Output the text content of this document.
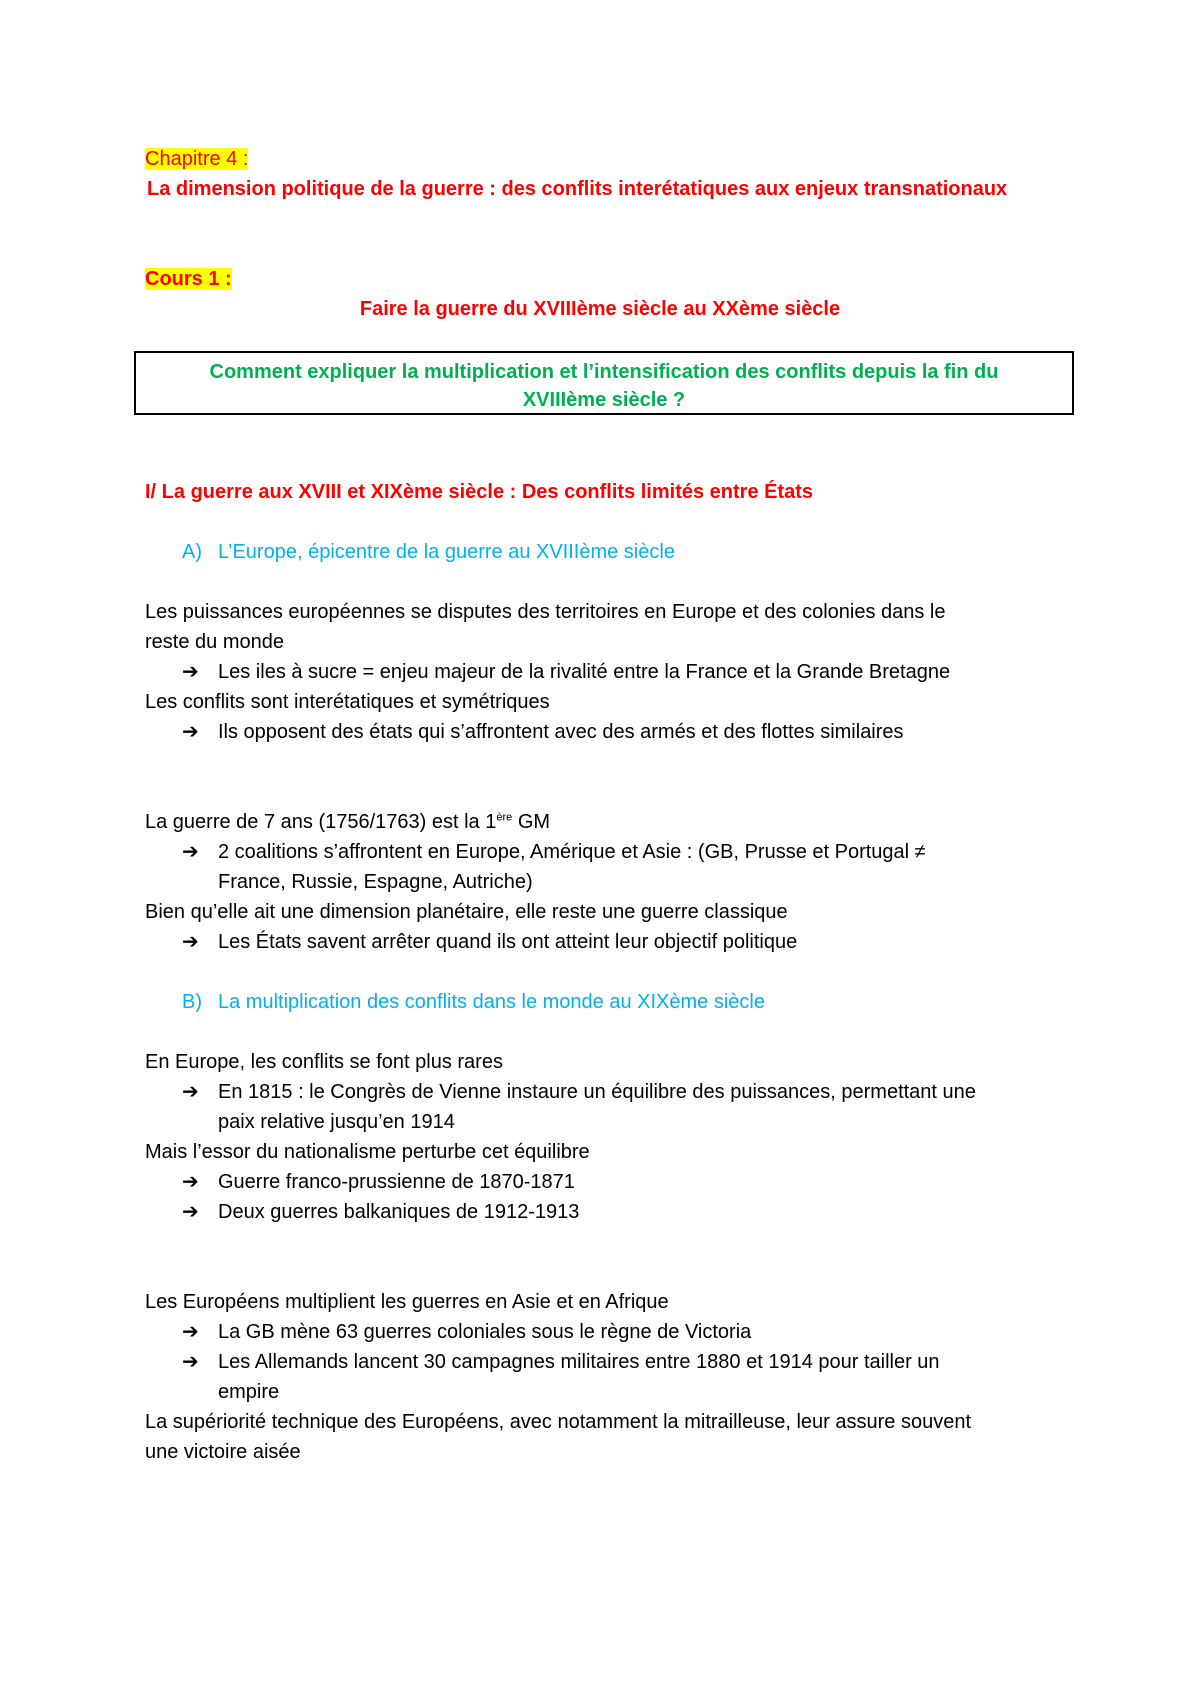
Chapitre 4 :
La dimension politique de la guerre : des conflits interétatiques aux enjeux transnationaux
Cours 1 :
Faire la guerre du XVIIIème siècle au XXème siècle
Comment expliquer la multiplication et l’intensification des conflits depuis la fin du
XVIIIème siècle ?
I/ La guerre aux XVIII et XIXème siècle : Des conflits limités entre États
A) L’Europe, épicentre de la guerre au XVIIIème siècle
Les puissances européennes se disputes des territoires en Europe et des colonies dans le
reste du monde
➔ Les iles à sucre = enjeu majeur de la rivalité entre la France et la Grande Bretagne
Les conflits sont interétatiques et symétriques
➔ Ils opposent des états qui s’affrontent avec des armés et des flottes similaires
La guerre de 7 ans (1756/1763) est la 1ère GM
➔ 2 coalitions s’affrontent en Europe, Amérique et Asie : (GB, Prusse et Portugal ≠
France, Russie, Espagne, Autriche)
Bien qu’elle ait une dimension planétaire, elle reste une guerre classique
➔ Les États savent arrêter quand ils ont atteint leur objectif politique
B) La multiplication des conflits dans le monde au XIXème siècle
En Europe, les conflits se font plus rares
➔ En 1815 : le Congrès de Vienne instaure un équilibre des puissances, permettant une
paix relative jusqu’en 1914
Mais l’essor du nationalisme perturbe cet équilibre
➔ Guerre franco-prussienne de 1870-1871
➔ Deux guerres balkaniques de 1912-1913
Les Européens multiplient les guerres en Asie et en Afrique
➔ La GB mène 63 guerres coloniales sous le règne de Victoria
➔ Les Allemands lancent 30 campagnes militaires entre 1880 et 1914 pour tailler un
empire
La supériorité technique des Européens, avec notamment la mitrailleuse, leur assure souvent
une victoire aisée
